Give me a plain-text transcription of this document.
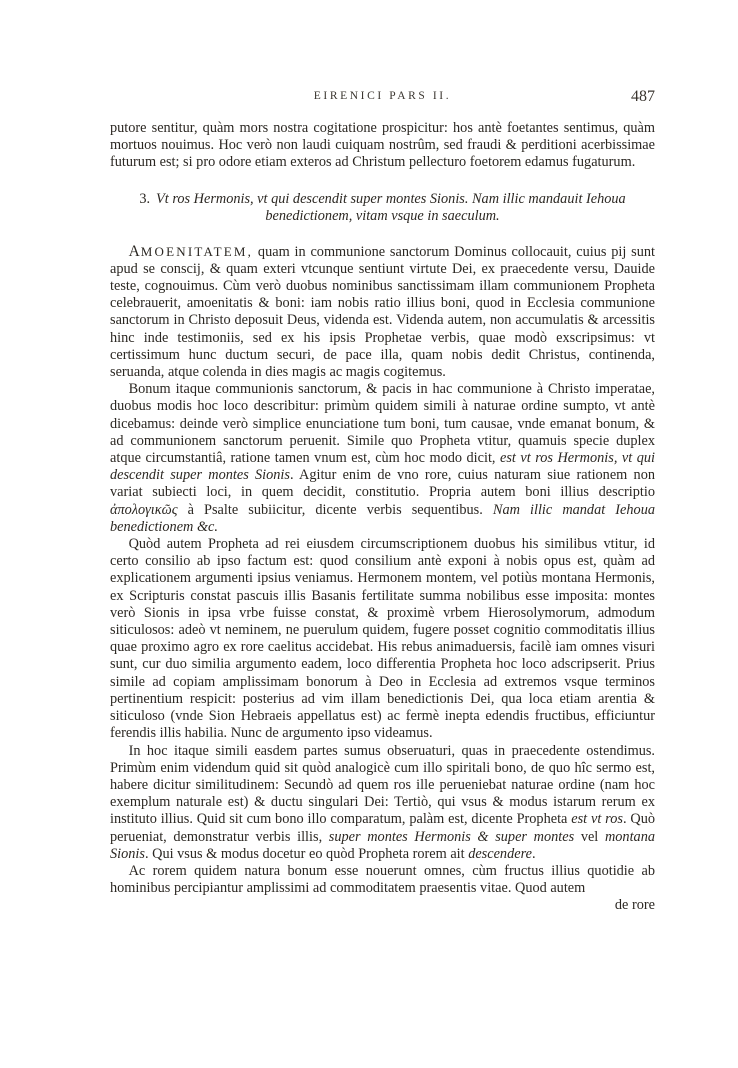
EIRENICI PARS II.	487

putore sentitur, quàm mors nostra cogitatione prospicitur: hos antè foetantes sentimus, quàm mortuos nouimus. Hoc verò non laudi cuiquam nostrûm, sed fraudi & perditioni acerbissimae futurum est; si pro odore etiam exteros ad Christum pellecturo foetorem edamus fugaturum.

3. Vt ros Hermonis, vt qui descendit super montes Sionis. Nam illic mandauit Iehoua benedictionem, vitam vsque in saeculum.

AMOENITATEM, quam in communione sanctorum Dominus collocauit, cuius pij sunt apud se conscij, & quam exteri vtcunque sentiunt virtute Dei, ex praecedente versu, Dauide teste, cognouimus. Cùm verò duobus nominibus sanctissimam illam communionem Propheta celebrauerit, amoenitatis & boni: iam nobis ratio illius boni, quod in Ecclesia communione sanctorum in Christo deposuit Deus, videnda est. Videnda autem, non accumulatis & arcessitis hinc inde testimoniis, sed ex his ipsis Prophetae verbis, quae modò exscripsimus: vt certissimum hunc ductum securi, de pace illa, quam nobis dedit Christus, continenda, seruanda, atque colenda in dies magis ac magis cogitemus.

Bonum itaque communionis sanctorum, & pacis in hac communione à Christo imperatae, duobus modis hoc loco describitur: primùm quidem simili à naturae ordine sumpto, vt antè dicebamus: deinde verò simplice enunciatione tum boni, tum causae, vnde emanat bonum, & ad communionem sanctorum peruenit. Simile quo Propheta vtitur, quamuis specie duplex atque circumstantiâ, ratione tamen vnum est, cùm hoc modo dicit, est vt ros Hermonis, vt qui descendit super montes Sionis. Agitur enim de vno rore, cuius naturam siue rationem non variat subiecti loci, in quem decidit, constitutio. Propria autem boni illius descriptio ἀπολογικῶς à Psalte subiicitur, dicente verbis sequentibus. Nam illic mandat Iehoua benedictionem &c.

Quòd autem Propheta ad rei eiusdem circumscriptionem duobus his similibus vtitur, id certo consilio ab ipso factum est: quod consilium antè exponi à nobis opus est, quàm ad explicationem argumenti ipsius veniamus. Hermonem montem, vel potiùs montana Hermonis, ex Scripturis constat pascuis illis Basanis fertilitate summa nobilibus esse imposita: montes verò Sionis in ipsa vrbe fuisse constat, & proximè vrbem Hierosolymorum, admodum siticulosos: adeò vt neminem, ne puerulum quidem, fugere posset cognitio commoditatis illius quae proximo agro ex rore caelitus accidebat. His rebus animaduersis, facilè iam omnes visuri sunt, cur duo similia argumento eadem, loco differentia Propheta hoc loco adscripserit. Prius simile ad copiam amplissimam bonorum à Deo in Ecclesia ad extremos vsque terminos pertinentium respicit: posterius ad vim illam benedictionis Dei, qua loca etiam arentia & siticuloso (vnde Sion Hebraeis appellatus est) ac fermè inepta edendis fructibus, efficiuntur ferendis illis habilia. Nunc de argumento ipso videamus.

In hoc itaque simili easdem partes sumus obseruaturi, quas in praecedente ostendimus. Primùm enim videndum quid sit quòd analogicè cum illo spiritali bono, de quo hîc sermo est, habere dicitur similitudinem: Secundò ad quem ros ille perueniebat naturae ordine (nam hoc exemplum naturale est) & ductu singulari Dei: Tertiò, qui vsus & modus istarum rerum ex instituto illius. Quid sit cum bono illo comparatum, palàm est, dicente Propheta est vt ros. Quò perueniat, demonstratur verbis illis, super montes Hermonis & super montes vel montana Sionis. Qui vsus & modus docetur eo quòd Propheta rorem ait descendere.

Ac rorem quidem natura bonum esse nouerunt omnes, cùm fructus illius quotidie ab hominibus percipiantur amplissimi ad commoditatem praesentis vitae. Quod autem

de rore
